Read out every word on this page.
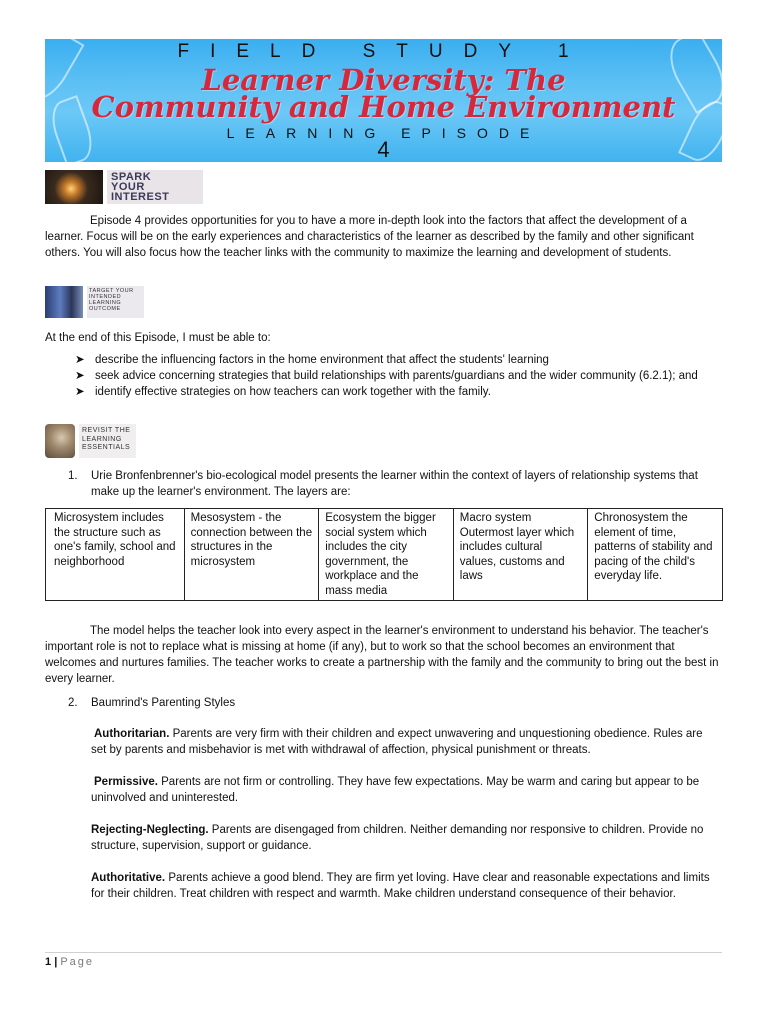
FIELD STUDY 1
Learner Diversity: The
Community and Home Environment
LEARNING EPISODE
4
SPARK
YOUR
INTEREST

Episode 4 provides opportunities for you to have a more in-depth look into the factors that affect the development of a learner. Focus will be on the early experiences and characteristics of the learner as described by the family and other significant others. You will also focus how the teacher links with the community to maximize the learning and development of students.

TARGET YOUR
INTENDED
LEARNING
OUTCOME

At the end of this Episode, I must be able to:

➤ describe the influencing factors in the home environment that affect the students' learning
➤ seek advice concerning strategies that build relationships with parents/guardians and the wider community (6.2.1); and
➤ identify effective strategies on how teachers can work together with the family.
REVISIT THE
LEARNING
ESSENTIALS
1. Urie Bronfenbrenner's bio-ecological model presents the learner within the context of layers of relationship systems that make up the learner's environment. The layers are:

Microsystem includes the structure such as one's family, school and neighborhood	Mesosystem - the connection between the structures in the microsystem	Ecosystem the bigger social system which includes the city government, the workplace and the mass media	Macro system Outermost layer which includes cultural values, customs and laws	Chronosystem the element of time, patterns of stability and pacing of the child's everyday life.

The model helps the teacher look into every aspect in the learner's environment to understand his behavior. The teacher's important role is not to replace what is missing at home (if any), but to work so that the school becomes an environment that welcomes and nurtures families. The teacher works to create a partnership with the family and the community to bring out the best in every learner.

2. Baumrind's Parenting Styles

Authoritarian. Parents are very firm with their children and expect unwavering and unquestioning obedience. Rules are set by parents and misbehavior is met with withdrawal of affection, physical punishment or threats.
Permissive. Parents are not firm or controlling. They have few expectations. May be warm and caring but appear to be uninvolved and uninterested.
Rejecting-Neglecting. Parents are disengaged from children. Neither demanding nor responsive to children. Provide no structure, supervision, support or guidance.
Authoritative. Parents achieve a good blend. They are firm yet loving. Have clear and reasonable expectations and limits for their children. Treat children with respect and warmth. Make children understand consequence of their behavior.
1 | Page
